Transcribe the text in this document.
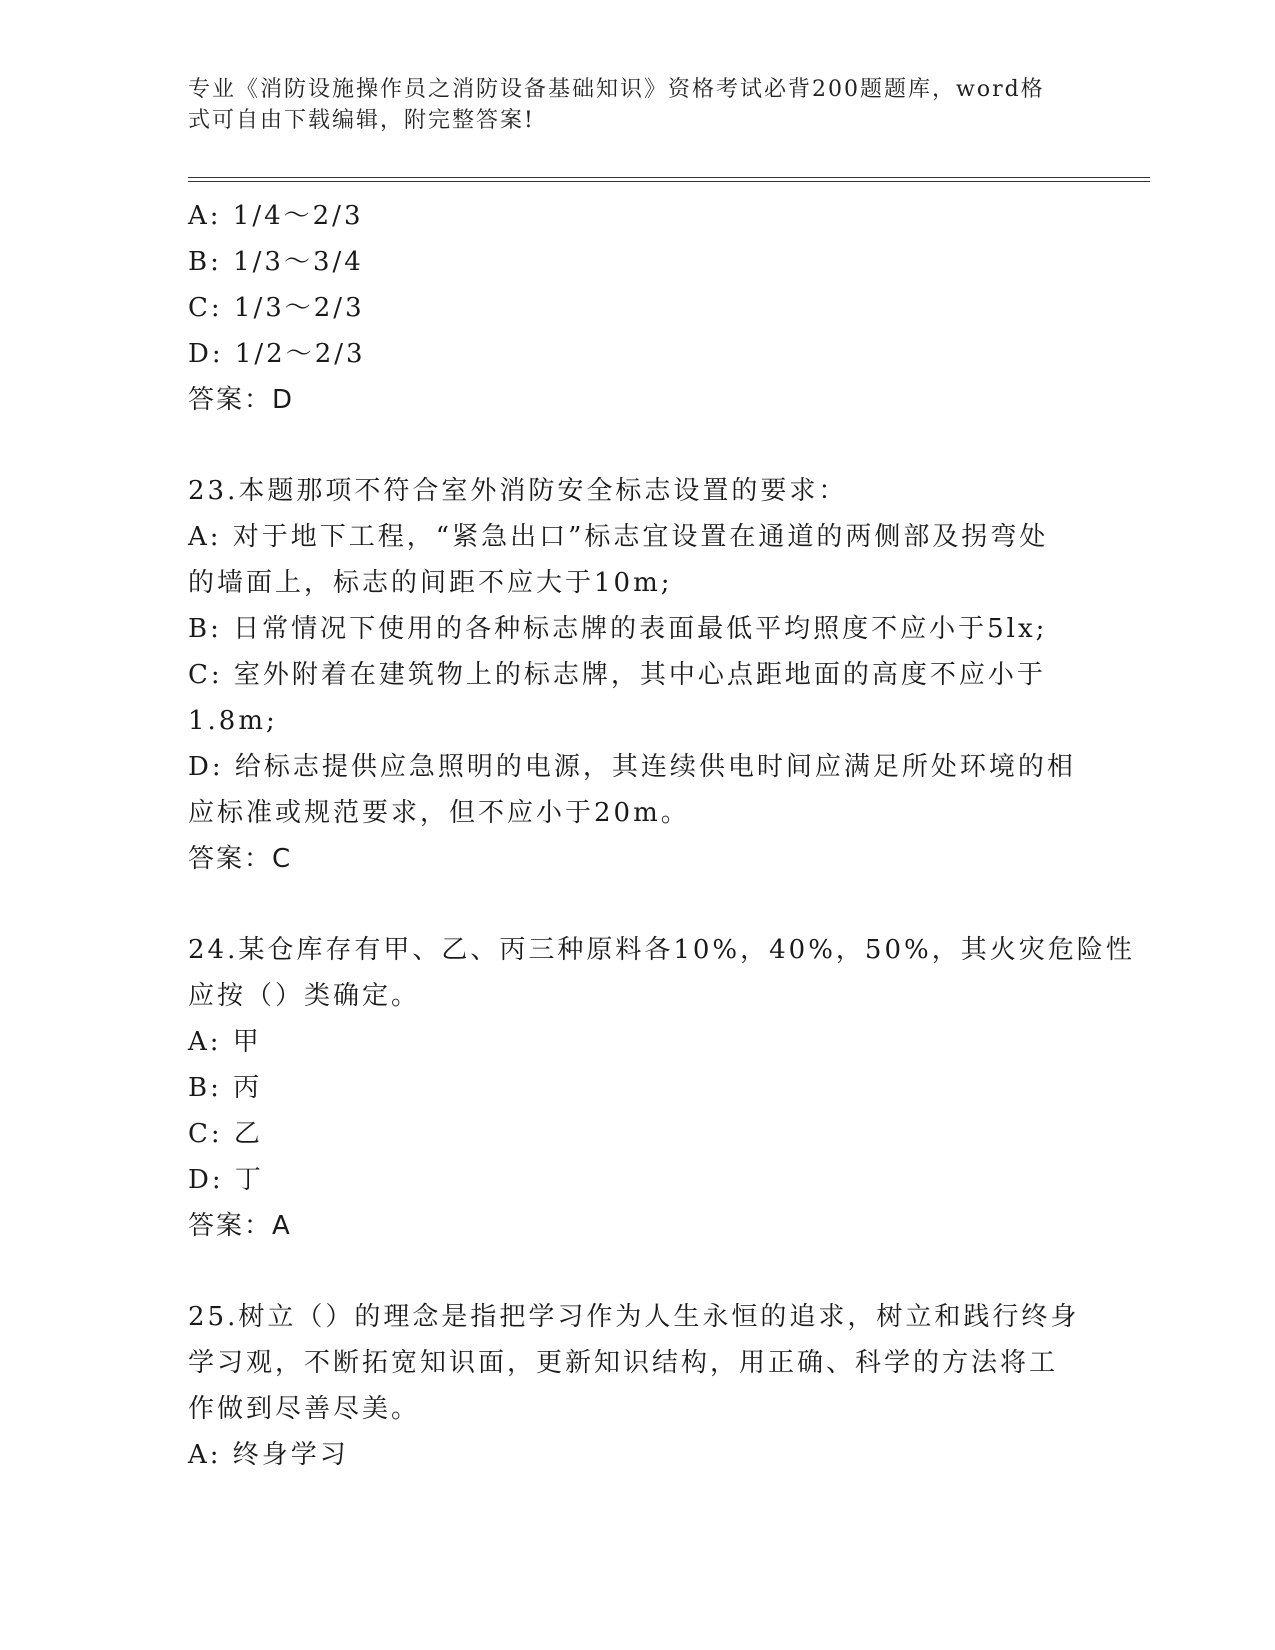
专业《消防设施操作员之消防设备基础知识》资格考试必背200题题库，word格
式可自由下载编辑，附完整答案!
A: 1/4～2/3
B: 1/3～3/4
C: 1/3～2/3
D: 1/2～2/3
答案：D
23.本题那项不符合室外消防安全标志设置的要求：
A: 对于地下工程，“紧急出口”标志宜设置在通道的两侧部及拐弯处
的墙面上，标志的间距不应大于10m;
B: 日常情况下使用的各种标志牌的表面最低平均照度不应小于5lx;
C: 室外附着在建筑物上的标志牌，其中心点距地面的高度不应小于
1.8m;
D: 给标志提供应急照明的电源，其连续供电时间应满足所处环境的相
应标准或规范要求，但不应小于20m。
答案：C
24.某仓库存有甲、乙、丙三种原料各10%，40%，50%，其火灾危险性
应按（）类确定。
A: 甲
B: 丙
C: 乙
D: 丁
答案：A
25.树立（）的理念是指把学习作为人生永恒的追求，树立和践行终身
学习观，不断拓宽知识面，更新知识结构，用正确、科学的方法将工
作做到尽善尽美。
A: 终身学习
